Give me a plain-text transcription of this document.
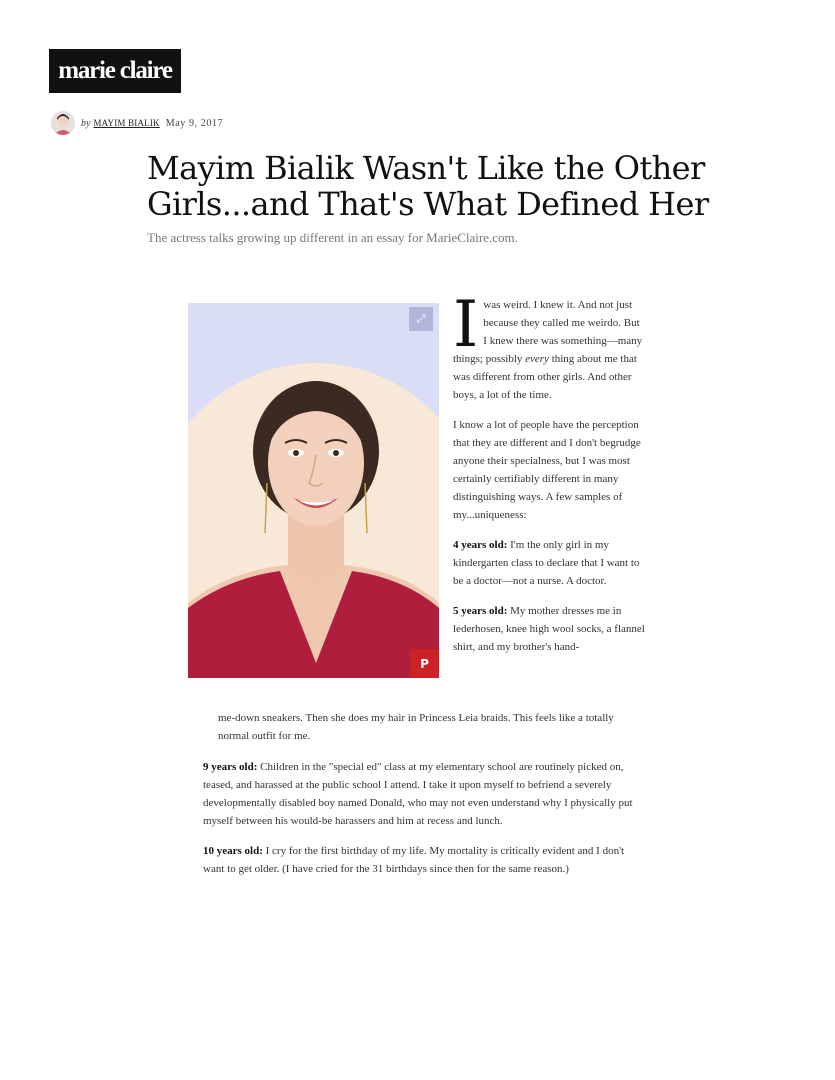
marie claire
by MAYIM BIALIK May 9, 2017
Mayim Bialik Wasn't Like the Other Girls...and That's What Defined Her
The actress talks growing up different in an essay for MarieClaire.com.
⤢
P

Iwas weird. I knew it. And not just because they called me weirdo. But I knew there was something—many things; possibly every thing about me that was different from other girls. And other boys, a lot of the time.

I know a lot of people have the perception that they are different and I don't begrudge anyone their specialness, but I was most certainly certifiably different in many distinguishing ways. A few samples of my...uniqueness:

4 years old: I'm the only girl in my kindergarten class to declare that I want to be a doctor—not a nurse. A doctor.

5 years old: My mother dresses me in lederhosen, knee high wool socks, a flannel shirt, and my brother's hand-

me-down sneakers. Then she does my hair in Princess Leia braids. This feels like a totally normal outfit for me.

9 years old: Children in the "special ed" class at my elementary school are routinely picked on, teased, and harassed at the public school I attend. I take it upon myself to befriend a severely developmentally disabled boy named Donald, who may not even understand why I physically put myself between his would-be harassers and him at recess and lunch.

10 years old: I cry for the first birthday of my life. My mortality is critically evident and I don't want to get older. (I have cried for the 31 birthdays since then for the same reason.)
